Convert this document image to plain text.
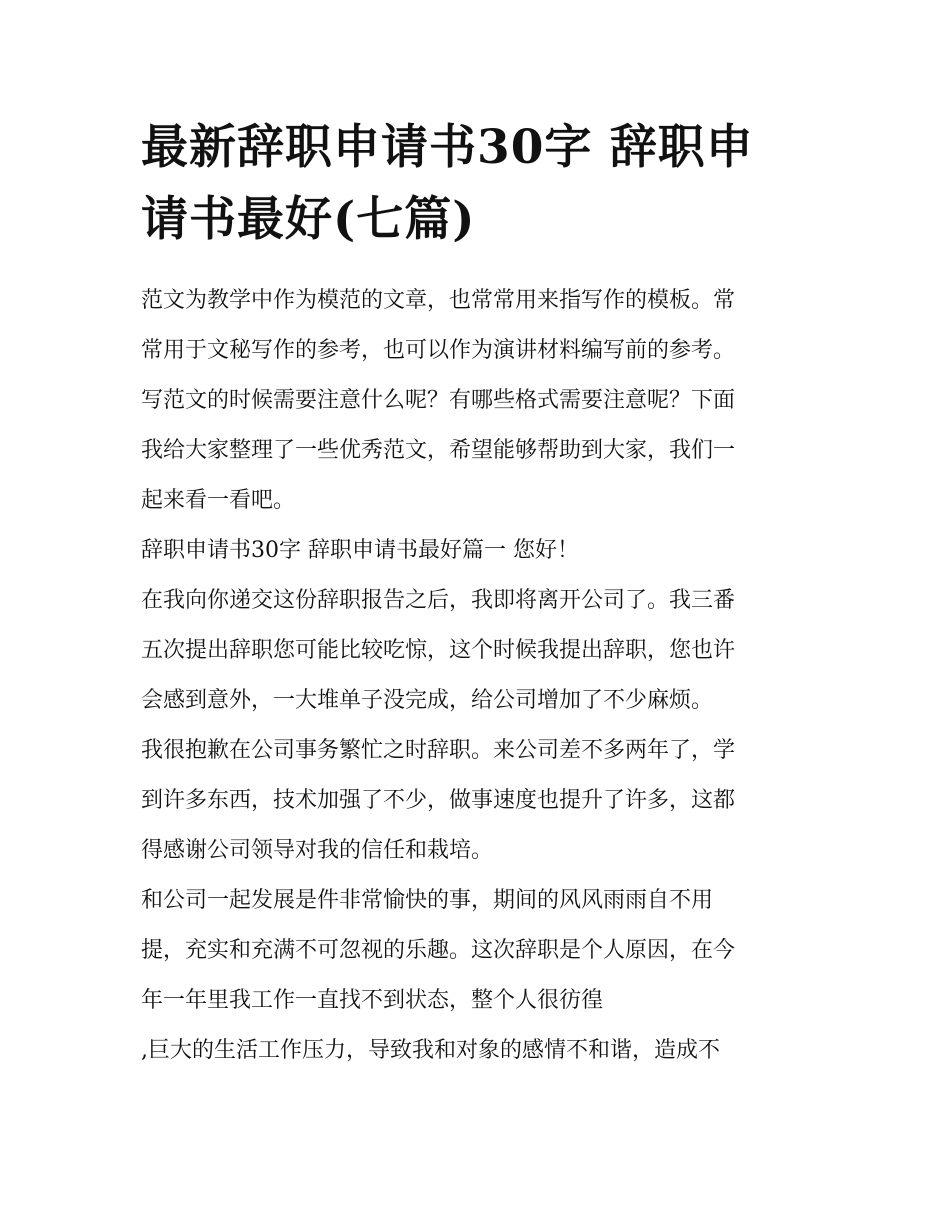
最新辞职申请书30字 辞职申
请书最好(七篇)
范文为教学中作为模范的文章，也常常用来指写作的模板。常
常用于文秘写作的参考，也可以作为演讲材料编写前的参考。
写范文的时候需要注意什么呢？有哪些格式需要注意呢？下面
我给大家整理了一些优秀范文，希望能够帮助到大家，我们一
起来看一看吧。
辞职申请书30字 辞职申请书最好篇一 您好！
在我向你递交这份辞职报告之后，我即将离开公司了。我三番
五次提出辞职您可能比较吃惊，这个时候我提出辞职，您也许
会感到意外，一大堆单子没完成，给公司增加了不少麻烦。
我很抱歉在公司事务繁忙之时辞职。来公司差不多两年了，学
到许多东西，技术加强了不少，做事速度也提升了许多，这都
得感谢公司领导对我的信任和栽培。
和公司一起发展是件非常愉快的事，期间的风风雨雨自不用
提，充实和充满不可忽视的乐趣。这次辞职是个人原因，在今
年一年里我工作一直找不到状态，整个人很彷徨
,巨大的生活工作压力，导致我和对象的感情不和谐，造成不
